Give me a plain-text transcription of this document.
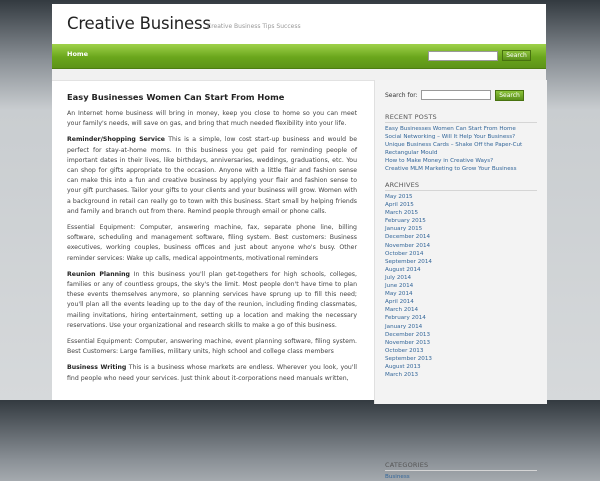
Creative Business
Creative Business Tips Success
Home	Search
Easy Businesses Women Can Start From Home

An Internet home business will bring in money, keep you close to home so you can meet your family's needs, will save on gas, and bring that much needed flexibility into your life.

Reminder/Shopping Service This is a simple, low cost start-up business and would be perfect for stay-at-home moms. In this business you get paid for reminding people of important dates in their lives, like birthdays, anniversaries, weddings, graduations, etc. You can shop for gifts appropriate to the occasion. Anyone with a little flair and fashion sense can make this into a fun and creative business by applying your flair and fashion sense to your gift purchases. Tailor your gifts to your clients and your business will grow. Women with a background in retail can really go to town with this business. Start small by helping friends and family and branch out from there. Remind people through email or phone calls.

Essential Equipment: Computer, answering machine, fax, separate phone line, billing software, scheduling and management software, filing system. Best customers: Business executives, working couples, business offices and just about anyone who's busy. Other reminder services: Wake up calls, medical appointments, motivational reminders

Reunion Planning In this business you'll plan get-togethers for high schools, colleges, families or any of countless groups, the sky's the limit. Most people don't have time to plan these events themselves anymore, so planning services have sprung up to fill this need; you'll plan all the events leading up to the day of the reunion, including finding classmates, mailing invitations, hiring entertainment, setting up a location and making the necessary reservations. Use your organizational and research skills to make a go of this business.

Essential Equipment: Computer, answering machine, event planning software, filing system. Best Customers: Large families, military units, high school and college class members

Business Writing This is a business whose markets are endless. Wherever you look, you'll find people who need your services. Just think about it-corporations need manuals written,

Search for:	Search
RECENT POSTS
Easy Businesses Women Can Start From Home
Social Networking – Will It Help Your Business?
Unique Business Cards – Shake Off the Paper-Cut
Rectangular Mould
How to Make Money in Creative Ways?
Creative MLM Marketing to Grow Your Business
ARCHIVES
May 2015
April 2015
March 2015
February 2015
January 2015
December 2014
November 2014
October 2014
September 2014
August 2014
July 2014
June 2014
May 2014
April 2014
March 2014
February 2014
January 2014
December 2013
November 2013
October 2013
September 2013
August 2013
March 2013
CATEGORIES
Business
